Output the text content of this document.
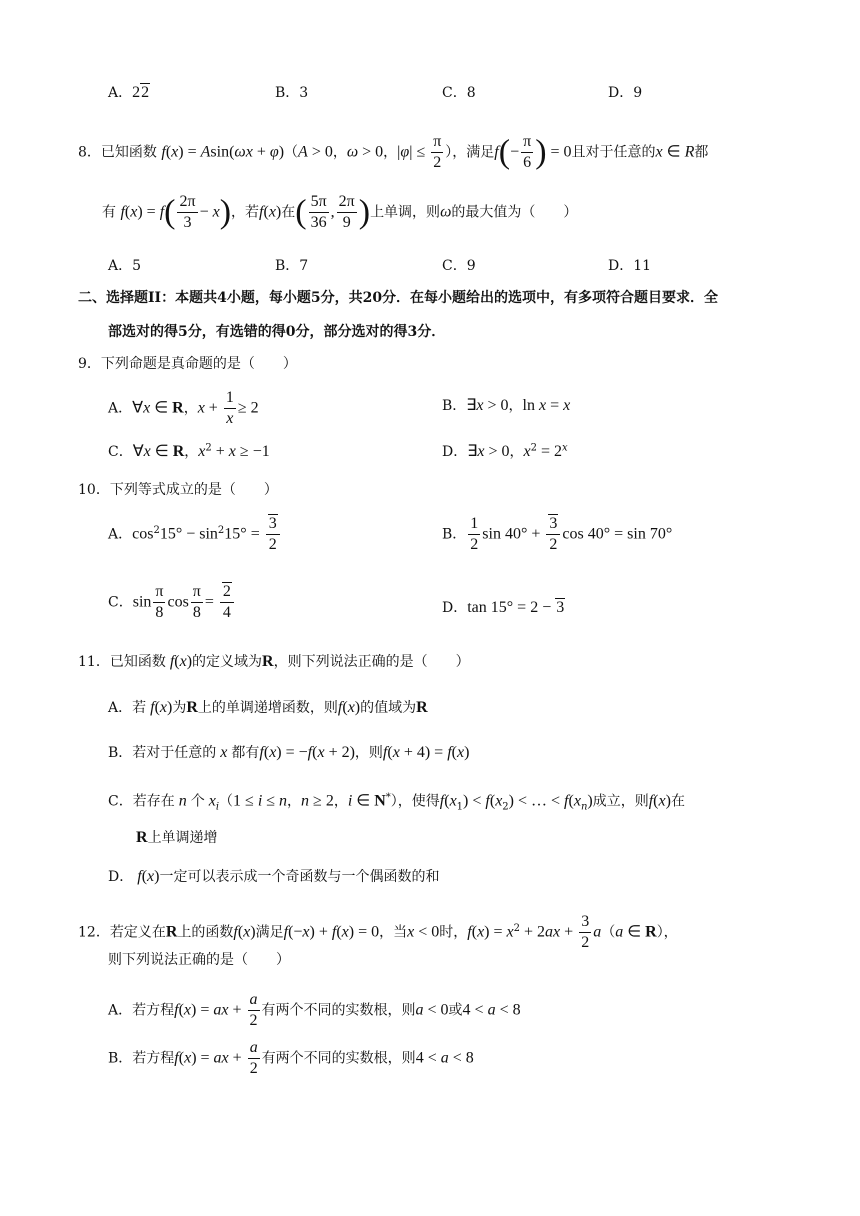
A．22	B．3	C．8	D．9
8．已知函数 f(x) = Asin(ωx + φ)（A > 0，ω > 0，$|\varphi| \le \frac{\pi}{2}$ ），满足$f(- \frac{\pi}{6}$ ) = 0且对于任意的x ∈ R都
有 $f(x) = f( \frac{2\pi}{3} - x)$，若f(x)在( $\frac{5\pi}{36}$ , $\frac{2\pi}{9}$ )上单调，则ω的最大值为（　　）
A．5	B．7	C．9	D．11
二、选择题II：本题共4小题，每小题5分，共20分．在每小题给出的选项中，有多项符合题目要求．全
部选对的得5分，有选错的得0分，部分选对的得3分．
9．下列命题是真命题的是（　　）
A．∀x ∈ R，$x + \frac{1}{x} \ge 2$	B．∃x > 0，ln x = x
C．∀x ∈ R，$x^2 + x \ge -1$	D．∃x > 0，$x^2 = 2^x$
10．下列等式成立的是（　　）
A．$\cos^215^\circ - \sin^215^\circ = \frac{3}{2}$	B． $\frac{1}{2}$ $\sin 40^\circ + \frac{3}{2}$ cos 40° = sin 70°
C．$\sin \frac{\pi}{8}$ $\cos \frac{\pi}{8} = \frac{2}{4}$	D．tan 15° = 2 − 3
11．已知函数 f(x)的定义域为R，则下列说法正确的是（　　）
A．若 f(x)为R上的单调递增函数，则f(x)的值域为R
B．若对于任意的 x 都有f(x) = −f(x + 2)，则f(x + 4) = f(x)
C．若存在 n 个 $x_i(1 \le i \le n$，n ≥ 2，i ∈ N*），使得$f(x_1) < f(x_2)$ < … < $f(x_n)$成立，则f(x)在
R上单调递增
D． f(x)一定可以表示成一个奇函数与一个偶函数的和
12．若定义在R上的函数f(x)满足f(−x) + f(x) = 0，当x < 0时，$f(x) = x^2 + 2ax + \frac{3}{2} a(a$ ∈ R），
则下列说法正确的是（　　）
A．若方程f(x) = ax + $\frac{a}{2}$ 有两个不同的实数根，则a < 0或4 < a < 8
B．若方程f(x) = ax + $\frac{a}{2}$ 有两个不同的实数根，则4 < a < 8
